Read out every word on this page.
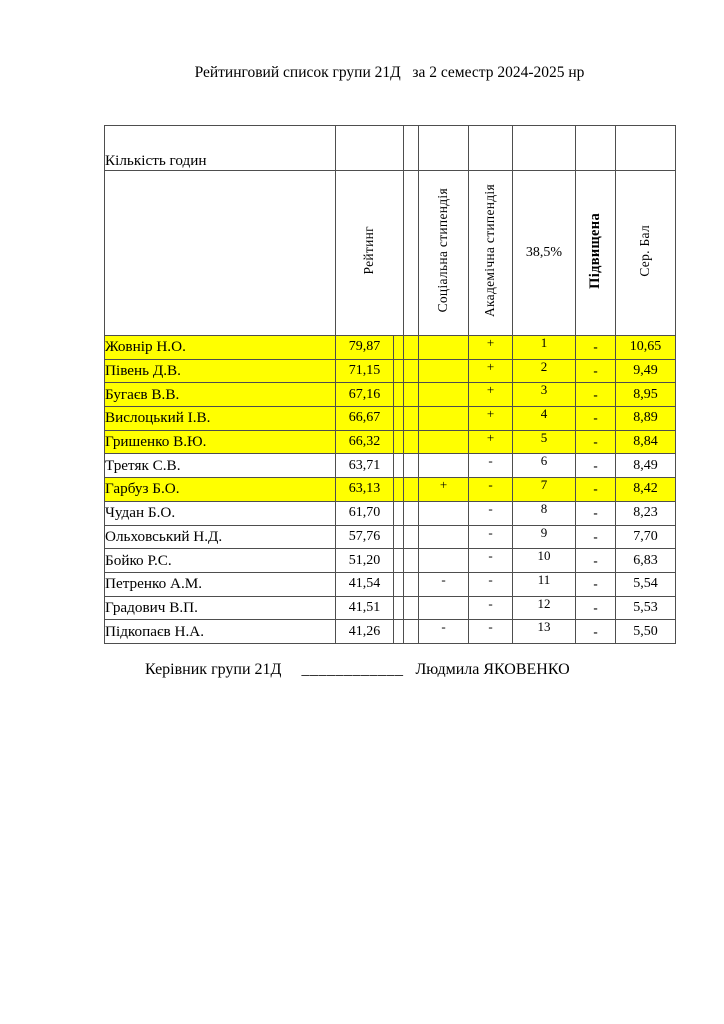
Рейтинговий список групи 21Д   за 2 семестр 2024-2025 нр
Кількість годин								
	Рейтинг			Соціальна стипендія	Академічна стипендія	38,5%	Підвищена	Сер. Бал
Жовнір Н.О.	79,87				+	1	-	10,65
Півень Д.В.	71,15				+	2	-	9,49
Бугаєв В.В.	67,16				+	3	-	8,95
Вислоцький І.В.	66,67				+	4	-	8,89
Гришенко В.Ю.	66,32				+	5	-	8,84
Третяк С.В.	63,71				-	6	-	8,49
Гарбуз Б.О.	63,13			+	-	7	-	8,42
Чудан Б.О.	61,70				-	8	-	8,23
Ольховський Н.Д.	57,76				-	9	-	7,70
Бойко Р.С.	51,20				-	10	-	6,83
Петренко А.М.	41,54			-	-	11	-	5,54
Градович В.П.	41,51				-	12	-	5,53
Підкопаєв Н.А.	41,26			-	-	13	-	5,50
Керівник групи 21Д ____________ Людмила ЯКОВЕНКО
